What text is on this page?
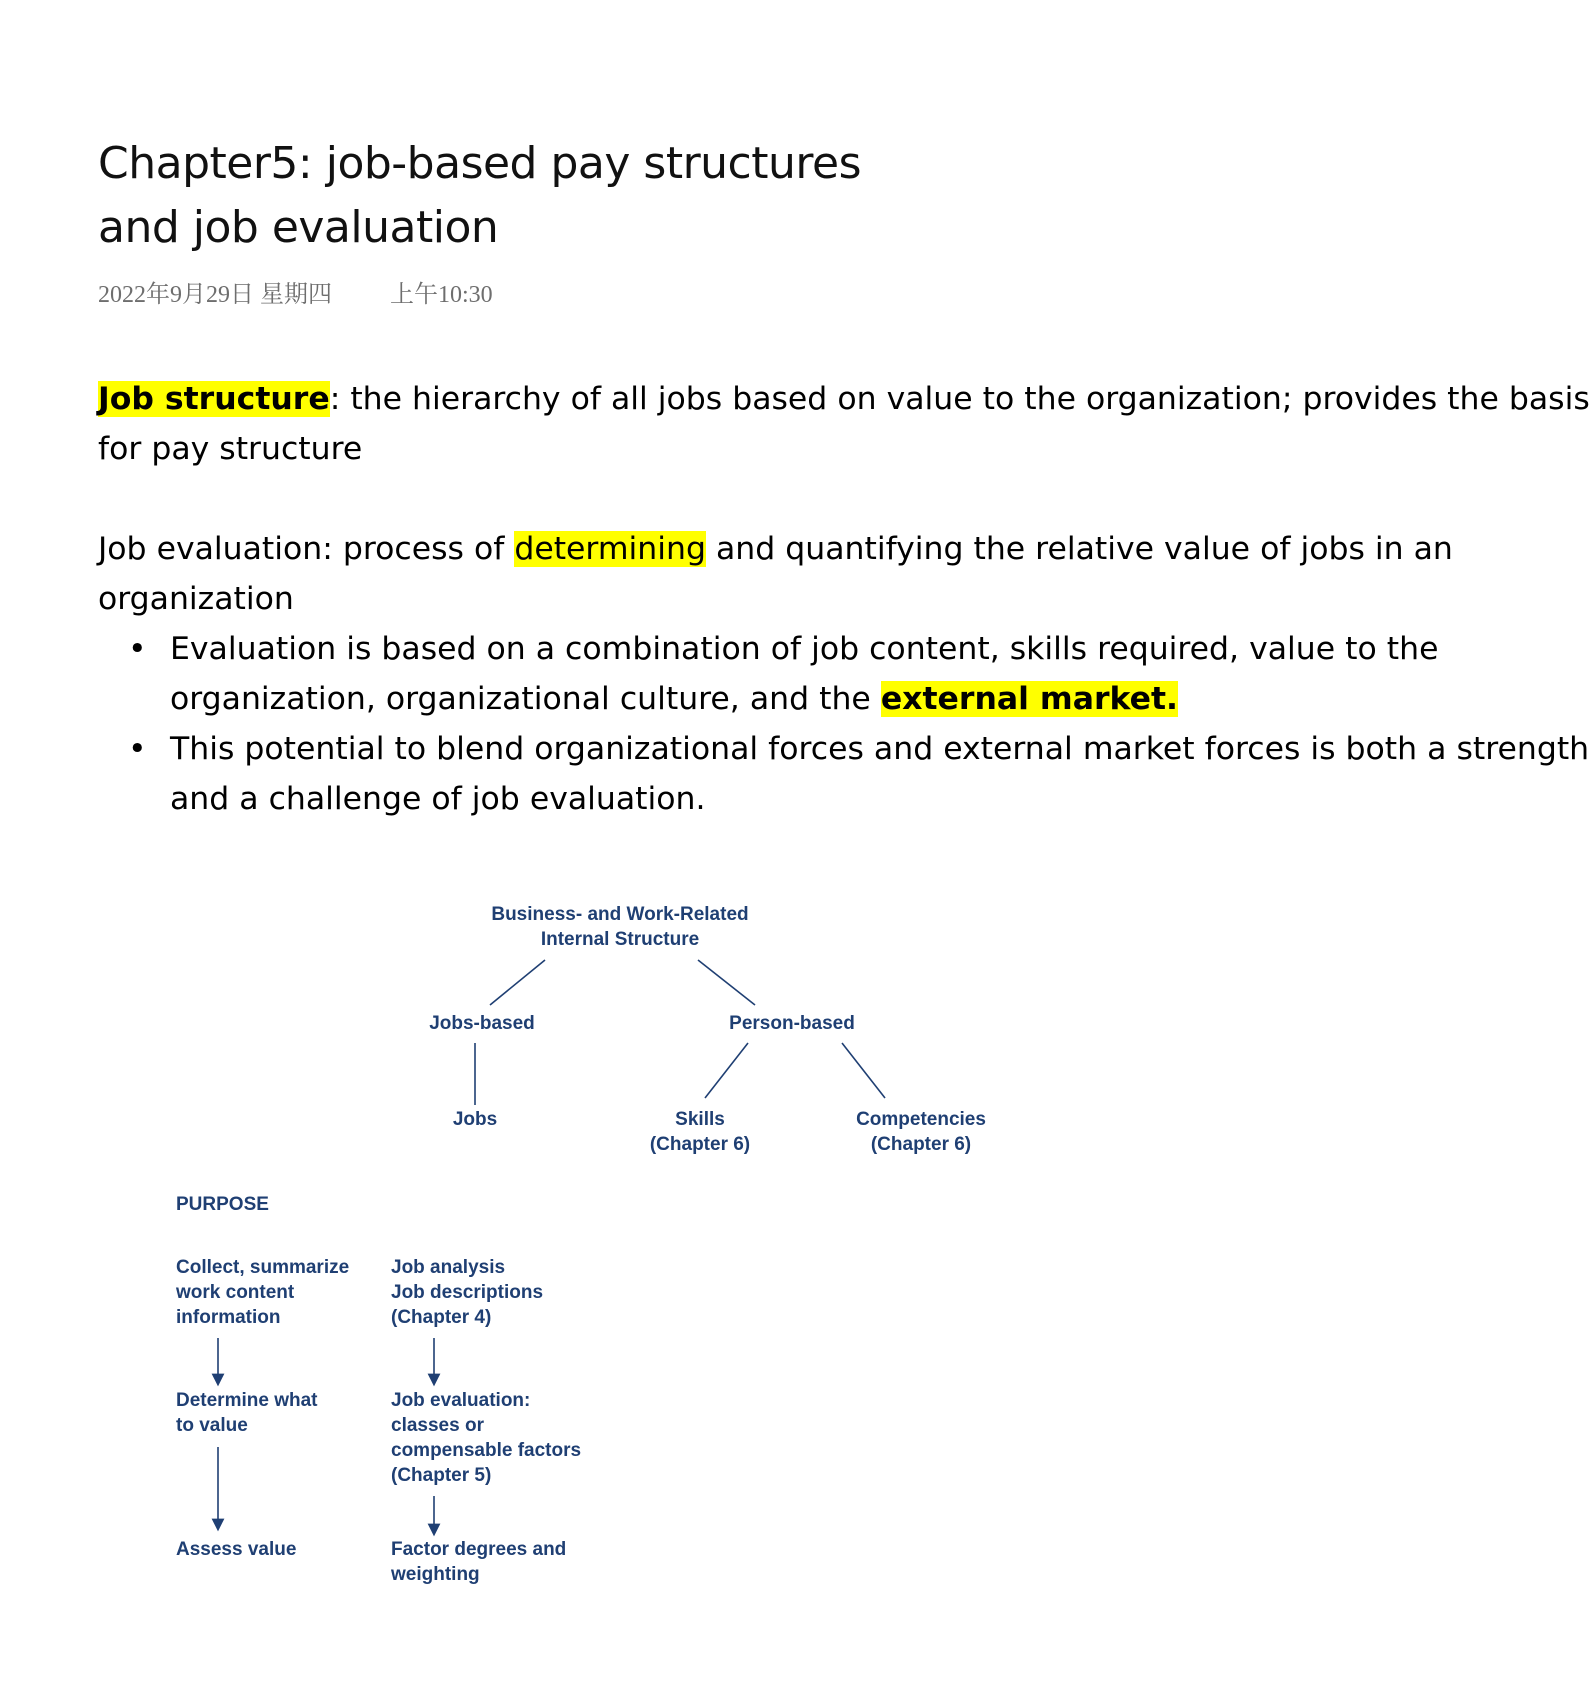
Chapter5: job-based pay structures
and job evaluation
2022年9月29日 星期四 上午10:30
Job structure: the hierarchy of all jobs based on value to the organization; provides the basis
for pay structure
Job evaluation: process of determining and quantifying the relative value of jobs in an
organization
• Evaluation is based on a combination of job content, skills required, value to the
organization, organizational culture, and the external market.
• This potential to blend organizational forces and external market forces is both a strength
and a challenge of job evaluation.
Business- and Work-Related
Internal Structure
Jobs-based	Person-based
Jobs	Skills
(Chapter 6)
Competencies
(Chapter 6)
PURPOSE
Collect, summarize
work content
information
Determine what
to value
Assess value
Job analysis
Job descriptions
(Chapter 4)
Job evaluation:
classes or
compensable factors
(Chapter 5)
Factor degrees and
weighting
